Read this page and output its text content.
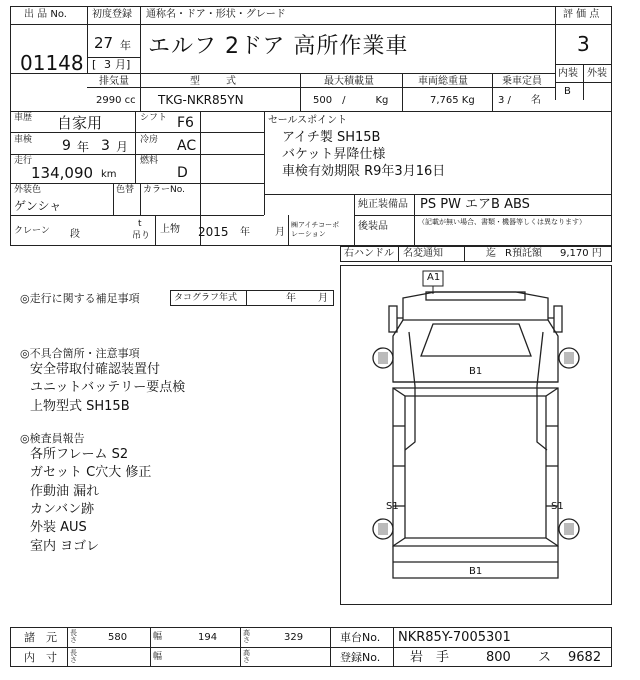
出 品 No.	初度登録 通称名・ドア・形状・グレード	評 価 点
01148
27 年
[ 3 月]
エルフ 2ドア 高所作業車	3
内装 外装
B
排気量	型　　式	最大積載量	車両総重量	乗車定員
2990 cc TKG-NKR85YN	500　/　　　Kg	7,765 Kg 3 /　　名
車歴 自家用	シフト F6
車検 9 年 3 月 冷房 AC
走行
134,090 km
燃料
D
外装色
ゲンシャ
色替 カラーNo.
クレーン 段
t
吊り
上物 2015 年	月
㈱アイチコーポレーション
セールスポイント
アイチ製 SH15B
バケット昇降仕様
車検有効期限 R9年3月16日
純正装備品 PS PW エアB ABS
後装品	（記載が無い場合、書類・機器等しくは異なります）
右ハンドル 名変通知	迄 R預託額 9,170 円
◎走行に関する補足事項	タコグラフ年式	年 月
◎不具合箇所・注意事項
安全帯取付確認装置付
ユニットバッテリー要点検
上物型式 SH15B
◎検査員報告
各所フレーム S2
ガセット C穴大 修正
作動油 漏れ
カンバン跡
外装 AUS
室内 ヨゴレ
A1
B1
S1	S1
B1
諸　元 長さ	580	幅	194	高さ	329	車台No. NKR85Y-7005301
内　寸 長さ	幅	高さ	登録No. 岩　手	800 ス 9682
